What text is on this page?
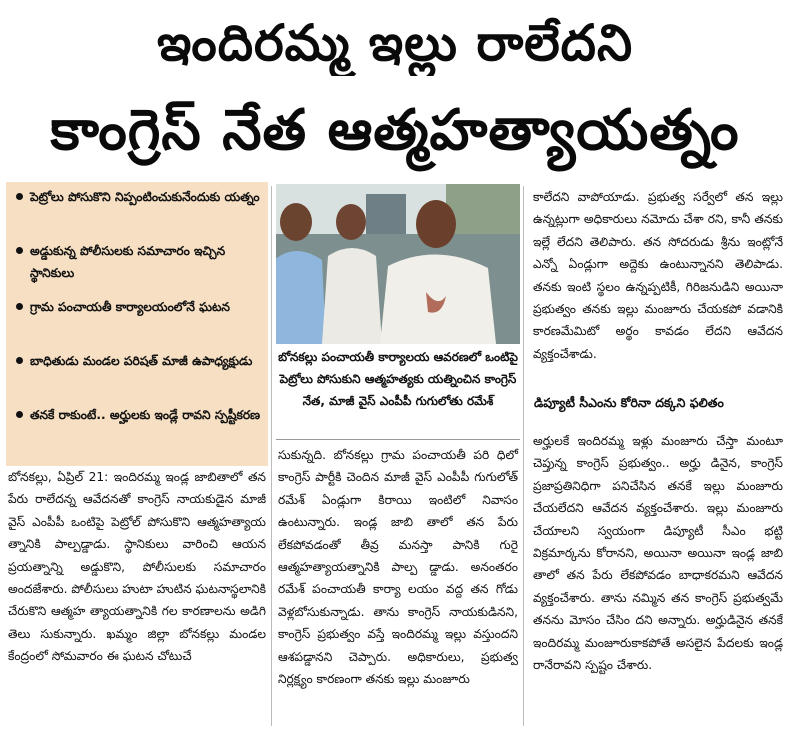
ఇందిరమ్మ ఇల్లు రాలేదని
కాంగ్రెస్ నేత ఆత్మహత్యాయత్నం
పెట్రోలు పోసుకొని నిప్పంటించుకునేందుకు యత్నం
అడ్డుకున్న పోలీసులకు సమాచారం ఇచ్చిన స్థానికులు
గ్రామ పంచాయతీ కార్యాలయంలోనే ఘటన
బాధితుడు మండల పరిషత్ మాజీ ఉపాధ్యక్షుడు
తనకే రాకుంటే.. అర్హులకు ఇండ్లే రావని స్పష్టీకరణ
బోనకల్లు పంచాయతీ కార్యాలయ ఆవరణలో ఒంటిపై పెట్రోలు పోసుకుని ఆత్మహత్యకు యత్నించిన కాంగ్రెస్ నేత, మాజీ వైస్ ఎంపీపీ గుగులోతు రమేశ్

బోనకల్లు, ఏప్రిల్ 21: ఇందిరమ్మ ఇండ్ల జాబితాలో తన పేరు రాలేదన్న ఆవేదనతో కాంగ్రెస్ నాయకుడైన మాజీ వైస్ ఎంపీపీ ఒంటిపై పెట్రోల్ పోసుకొని ఆత్మహత్యాయ త్నానికి పాల్పడ్డాడు. స్థానికులు వారించి ఆయన ప్రయత్నాన్ని అడ్డుకొని, పోలీసులకు సమాచారం అందజేశారు. పోలీసులు హుటా హుటిన ఘటనాస్థలానికి చేరుకొని ఆత్మహ త్యాయత్నానికి గల కారణాలను అడిగి తెలు సుకున్నారు. ఖమ్మం జిల్లా బోనకల్లు మండల కేంద్రంలో సోమవారం ఈ ఘటన చోటుచే

సుకున్నది. బోనకల్లు గ్రామ పంచాయతీ పరి ధిలో కాంగ్రెస్ పార్టీకి చెందిన మాజీ వైస్ ఎంపీపీ గుగులోత్ రమేశ్ ఏండ్లుగా కిరాయి ఇంటిలో నివాసం ఉంటున్నారు. ఇండ్ల జాబి తాలో తన పేరు లేకపోవడంతో తీవ్ర మనస్తా పానికి గురై ఆత్మహత్యాయత్నానికి పాల్ప డ్డాడు. అనంతరం రమేశ్ పంచాయతీ కార్యా లయం వద్ద తన గోడు వెళ్లబోసుకున్నాడు. తాను కాంగ్రెస్ నాయకుడినని, కాంగ్రెస్ ప్రభుత్వం వస్తే ఇందిరమ్మ ఇల్లు వస్తుందని ఆశపడ్డానని చెప్పారు. అధికారులు, ప్రభుత్వ నిర్లక్ష్యం కారణంగా తనకు ఇల్లు మంజూరు

కాలేదని వాపోయాడు. ప్రభుత్వ సర్వేలో తన ఇల్లు ఉన్నట్లుగా అధికారులు నమోదు చేశా రని, కానీ తనకు ఇల్లే లేదని తెలిపారు. తన సోదరుడు శ్రీను ఇంట్లోనే ఎన్నో ఏండ్లుగా అద్దెకు ఉంటున్నానని తెలిపాడు. తనకు ఇంటి స్థలం ఉన్నప్పటికీ, గిరిజనుడిని అయినా ప్రభుత్వం తనకు ఇల్లు మంజూరు చేయకపో వడానికి కారణమేమిటో అర్థం కావడం లేదని ఆవేదన వ్యక్తంచేశాడు.

డిప్యూటీ సీఎంను కోరినా దక్కని ఫలితం

అర్హులకే ఇందిరమ్మ ఇళ్లు మంజూరు చేస్తా మంటూ చెప్తున్న కాంగ్రెస్ ప్రభుత్వం.. అర్హు డినైన, కాంగ్రెస్ ప్రజాప్రతినిధిగా పనిచేసిన తనకే ఇల్లు మంజూరు చేయలేదని ఆవేదన వ్యక్తంచేశారు. ఇల్లు మంజూరు చేయాలని స్వయంగా డిప్యూటీ సీఎం భట్టి విక్రమార్కను కోరానని, అయినా అయినా ఇండ్ల జాబి తాలో తన పేరు లేకపోవడం బాధాకరమని ఆవేదన వ్యక్తంచేశారు. తాను నమ్మిన తన కాంగ్రెస్ ప్రభుత్వమే తనను మోసం చేసిం దని అన్నారు. అర్హుడినైన తనకే ఇందిరమ్మ మంజూరుకాకపోతే అసలైన పేదలకు ఇండ్ల రానేరావని స్పష్టం చేశారు.
